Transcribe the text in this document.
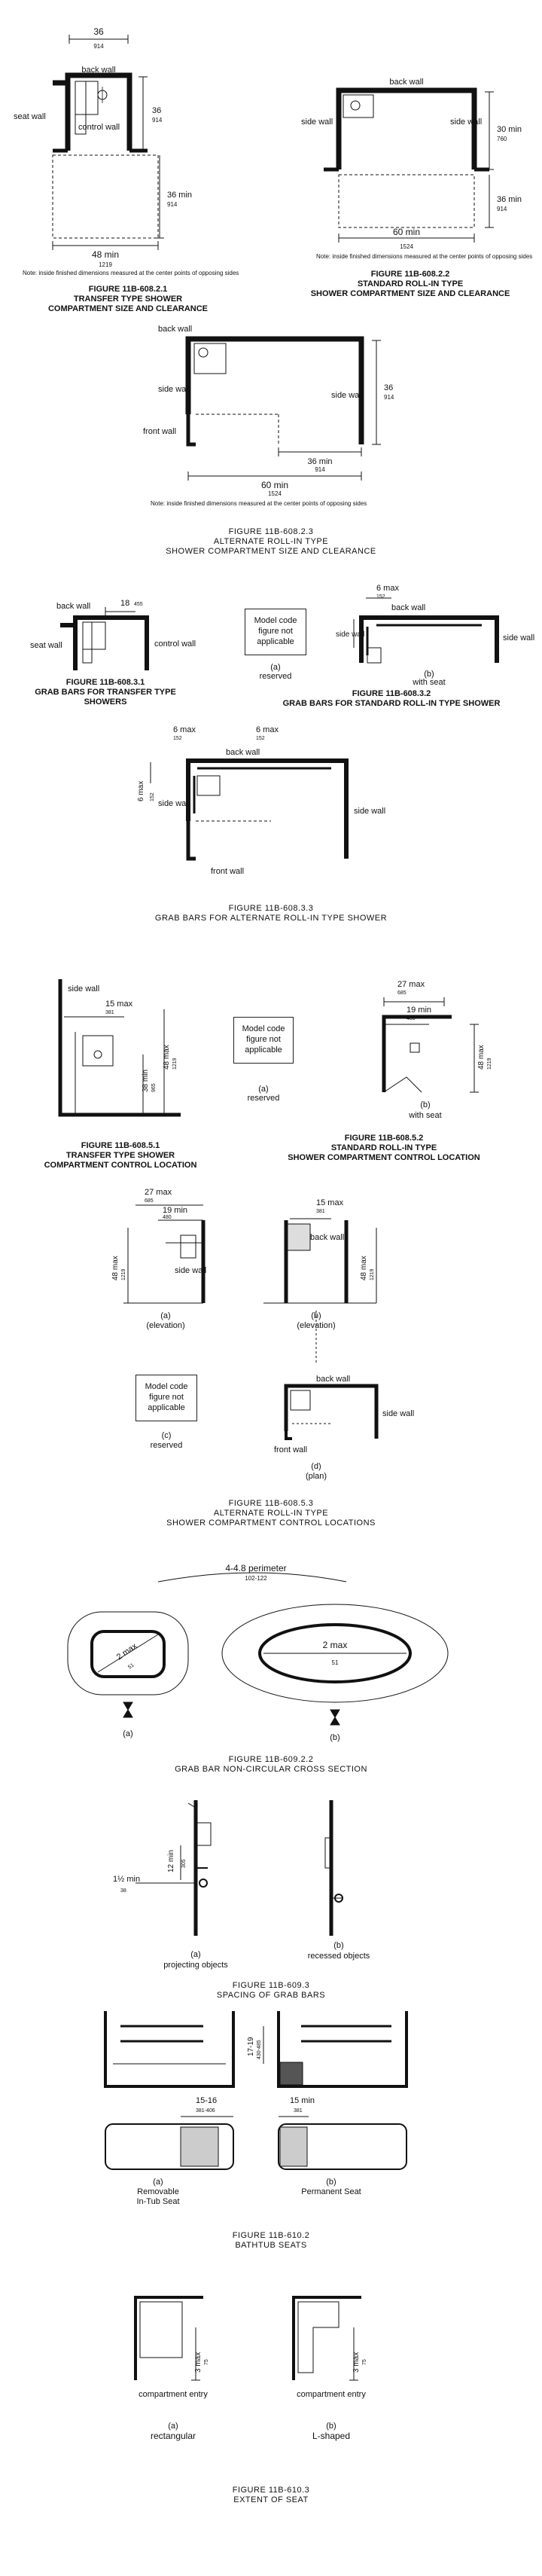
36
914
back wall
seat wall
control wall
36
914
36 min
914
48 min
1219
Note: inside finished dimensions measured at the center points of opposing sides
FIGURE 11B-608.2.1
TRANSFER TYPE SHOWER
COMPARTMENT SIZE AND CLEARANCE
back wall
side wall	side wall
30 min
760
36 min
914
60 min
1524
Note: inside finished dimensions measured at the center points of opposing sides
FIGURE 11B-608.2.2
STANDARD ROLL-IN TYPE
SHOWER COMPARTMENT SIZE AND CLEARANCE
back wall
side wall
side wall
front wall
36
914
36 min
914
60 min
1524
Note: inside finished dimensions measured at the center points of opposing sides
FIGURE 11B-608.2.3
ALTERNATE ROLL-IN TYPE
SHOWER COMPARTMENT SIZE AND CLEARANCE
back wall	18 455
seat wall	control wall
FIGURE 11B-608.3.1
GRAB BARS FOR TRANSFER TYPE SHOWERS
Model code figure not applicable
(a)
reserved
6 max
152
back wall
side wall	side wall
(b)
with seat
FIGURE 11B-608.3.2
GRAB BARS FOR STANDARD ROLL-IN TYPE SHOWER
6 max
152
6 max
152
6 max 152
back wall
side wall
side wall
front wall
FIGURE 11B-608.3.3
GRAB BARS FOR ALTERNATE ROLL-IN TYPE SHOWER
side wall
15 max
381
38 min 965
48 max 1219
FIGURE 11B-608.5.1
TRANSFER TYPE SHOWER
COMPARTMENT CONTROL LOCATION
Model code figure not applicable
(a)
reserved
27 max
685
19 min
480
48 max 1219
(b)
with seat
FIGURE 11B-608.5.2
STANDARD ROLL-IN TYPE
SHOWER COMPARTMENT CONTROL LOCATION
27 max
685
19 min
480
48 max 1219	side wall
(a)
(elevation)
15 max
381
back wall
48 max 1219
(b)
(elevation)
back wall
side wall
front wall
(d)
(plan)
Model code figure not applicable
(c)
reserved
FIGURE 11B-608.5.3
ALTERNATE ROLL-IN TYPE
SHOWER COMPARTMENT CONTROL LOCATIONS
4-4.8 perimeter
102-122
2 max
51
2 max
51
(a)	(b)
FIGURE 11B-609.2.2
GRAB BAR NON-CIRCULAR CROSS SECTION
12 min 305
1½ min
38
(a)
projecting objects
(b)
recessed objects
FIGURE 11B-609.3
SPACING OF GRAB BARS
17-19 430-485
15-16
381-406
15 min
381
(a)
Removable
In-Tub Seat
(b)
Permanent Seat
FIGURE 11B-610.2
BATHTUB SEATS
3 max 75	3 max 75
compartment entry	compartment entry
(a)
rectangular
(b)
L-shaped
FIGURE 11B-610.3
EXTENT OF SEAT
